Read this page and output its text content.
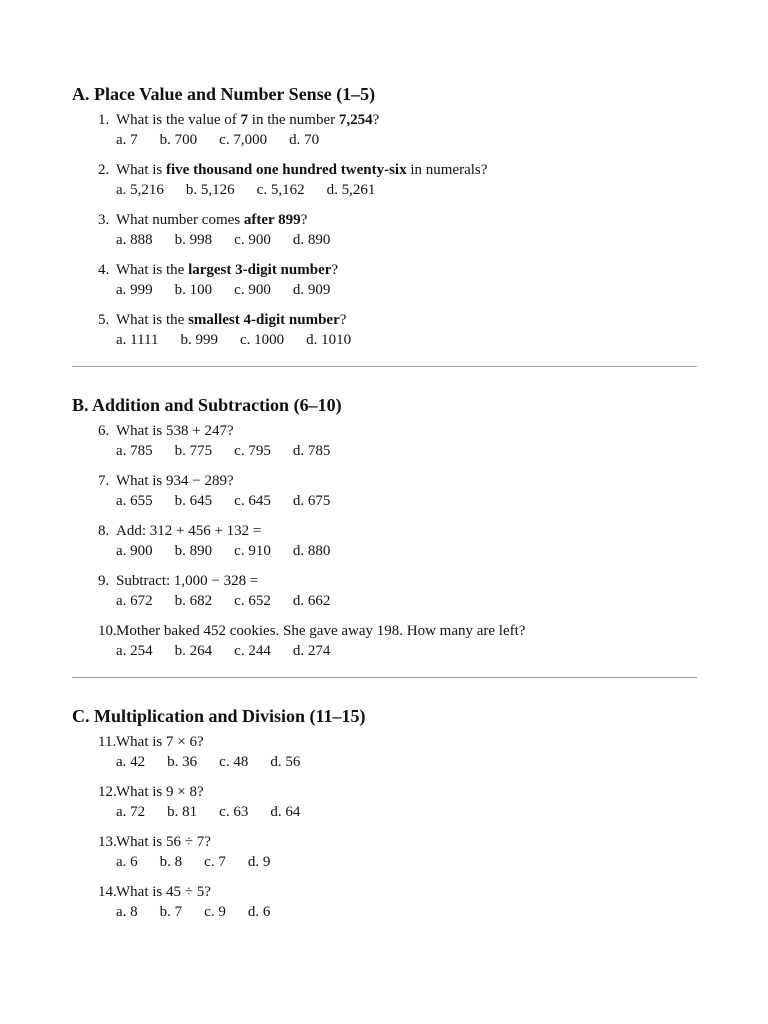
A. Place Value and Number Sense (1–5)
1. What is the value of 7 in the number 7,254?
a. 7 b. 700 c. 7,000 d. 70
2. What is five thousand one hundred twenty-six in numerals?
a. 5,216 b. 5,126 c. 5,162 d. 5,261
3. What number comes after 899?
a. 888 b. 998 c. 900 d. 890
4. What is the largest 3-digit number?
a. 999 b. 100 c. 900 d. 909
5. What is the smallest 4-digit number?
a. 1111 b. 999 c. 1000 d. 1010
B. Addition and Subtraction (6–10)
6. What is 538 + 247?
a. 785 b. 775 c. 795 d. 785
7. What is 934 − 289?
a. 655 b. 645 c. 645 d. 675
8. Add: 312 + 456 + 132 =
a. 900 b. 890 c. 910 d. 880
9. Subtract: 1,000 − 328 =
a. 672 b. 682 c. 652 d. 662
10. Mother baked 452 cookies. She gave away 198. How many are left?
a. 254 b. 264 c. 244 d. 274
C. Multiplication and Division (11–15)
11. What is 7 × 6?
a. 42 b. 36 c. 48 d. 56
12. What is 9 × 8?
a. 72 b. 81 c. 63 d. 64
13. What is 56 ÷ 7?
a. 6 b. 8 c. 7 d. 9
14. What is 45 ÷ 5?
a. 8 b. 7 c. 9 d. 6
